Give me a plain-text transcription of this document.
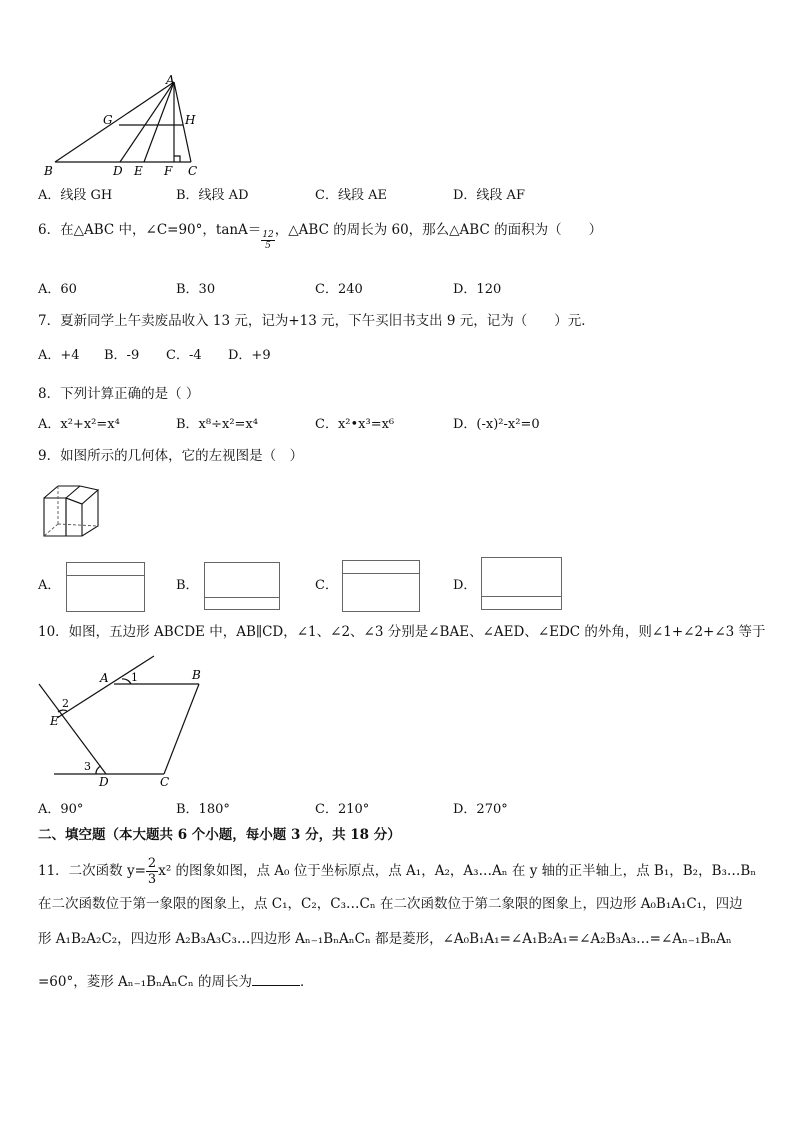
A
G	H
B	D E F C
A．线段 GH	B．线段 AD	C．线段 AE	D．线段 AF
6．在△ABC 中，∠C=90°，$\tan A= \frac{12}{5}$ ，△ABC 的周长为 60，那么△ABC 的面积为（　　）
A．60	B．30	C．240	D．120
7．夏新同学上午卖废品收入 13 元，记为+13 元，下午买旧书支出 9 元，记为（　　）元．
A．+4 B．-9 C．-4 D．+9
8．下列计算正确的是（ ）
A．x²+x²=x⁴	B．x⁸÷x²=x⁴	C．x²•x³=x⁶	D．(-x)²-x²=0
9．如图所示的几何体，它的左视图是（　）
A．	B．	C．	D．
10．如图，五边形 ABCDE 中，AB∥CD，∠1、∠2、∠3 分别是∠BAE、∠AED、∠EDC 的外角，则∠1+∠2+∠3 等于
A	B
C
D
E
1
2
3
A．90°	B．180°	C．210°	D．270°
二、填空题（本大题共 6 个小题，每小题 3 分，共 18 分）
11．二次函数 $y= \frac{2}{3}x^2$ 的图象如图，点 A₀ 位于坐标原点，点 A₁，A₂，A₃…Aₙ 在 y 轴的正半轴上，点 B₁，B₂，B₃…Bₙ
在二次函数位于第一象限的图象上，点 C₁，C₂，C₃…Cₙ 在二次函数位于第二象限的图象上，四边形 A₀B₁A₁C₁，四边
形 A₁B₂A₂C₂，四边形 A₂B₃A₃C₃…四边形 Aₙ₋₁BₙAₙCₙ 都是菱形，∠A₀B₁A₁=∠A₁B₂A₁=∠A₂B₃A₃…=∠Aₙ₋₁BₙAₙ
=60°，菱形 Aₙ₋₁BₙAₙCₙ 的周长为	．
